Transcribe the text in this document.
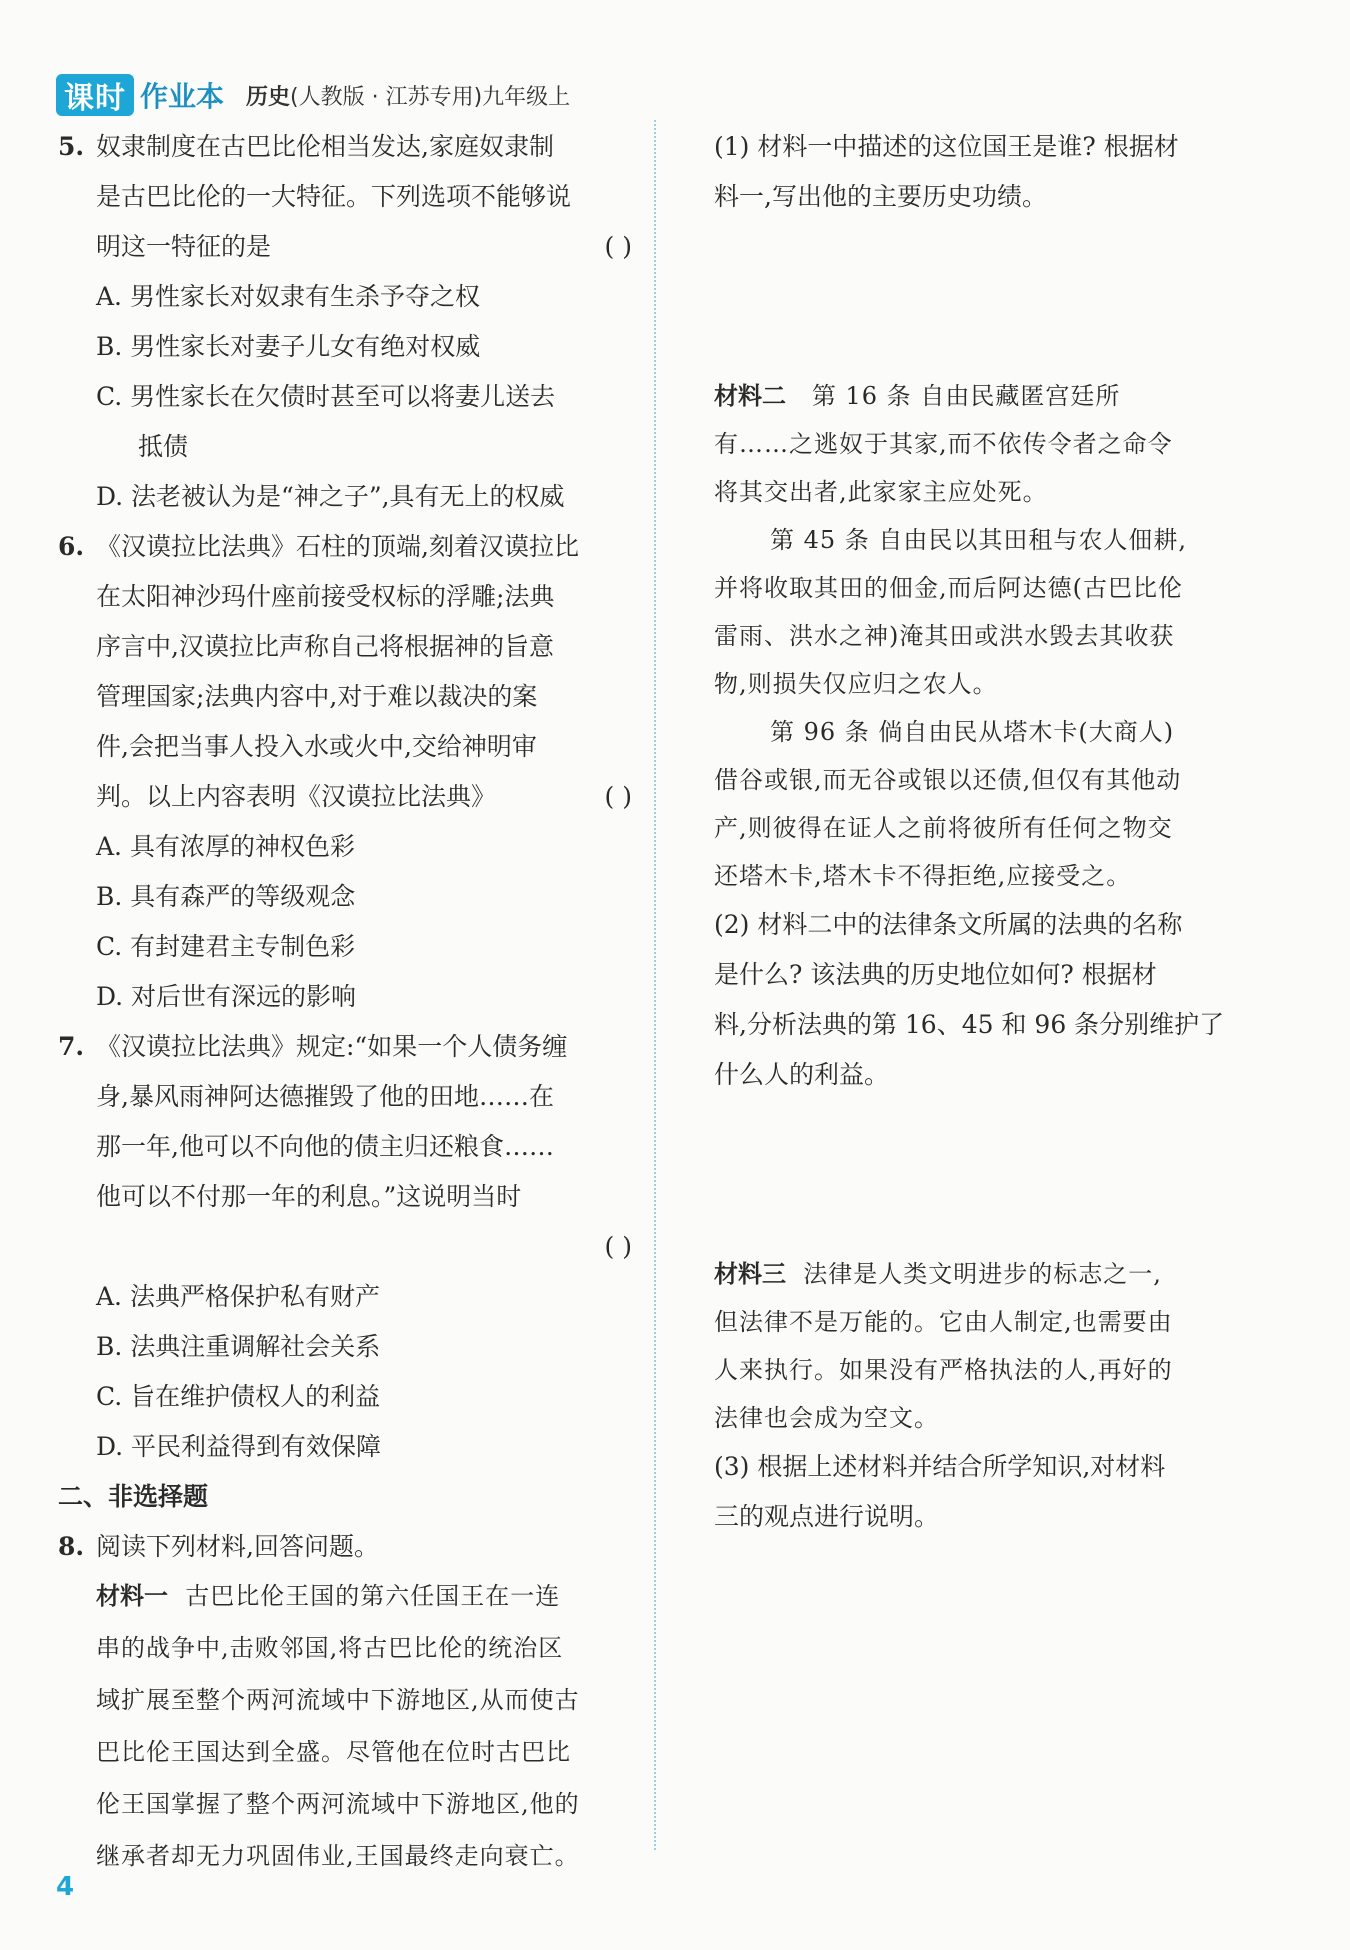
课时 作业本 历史(人教版 · 江苏专用)九年级上
5. 奴隶制度在古巴比伦相当发达,家庭奴隶制
是古巴比伦的一大特征。下列选项不能够说
明这一特征的是	( )
A. 男性家长对奴隶有生杀予夺之权
B. 男性家长对妻子儿女有绝对权威
C. 男性家长在欠债时甚至可以将妻儿送去
抵债
D. 法老被认为是“神之子”,具有无上的权威
6. 《汉谟拉比法典》石柱的顶端,刻着汉谟拉比
在太阳神沙玛什座前接受权标的浮雕;法典
序言中,汉谟拉比声称自己将根据神的旨意
管理国家;法典内容中,对于难以裁决的案
件,会把当事人投入水或火中,交给神明审
判。以上内容表明《汉谟拉比法典》	( )
A. 具有浓厚的神权色彩
B. 具有森严的等级观念
C. 有封建君主专制色彩
D. 对后世有深远的影响
7. 《汉谟拉比法典》规定:“如果一个人债务缠
身,暴风雨神阿达德摧毁了他的田地……在
那一年,他可以不向他的债主归还粮食……
他可以不付那一年的利息。”这说明当时
( )

A. 法典严格保护私有财产
B. 法典注重调解社会关系
C. 旨在维护债权人的利益
D. 平民利益得到有效保障
二、非选择题
8. 阅读下列材料,回答问题。
材料一 古巴比伦王国的第六任国王在一连
串的战争中,击败邻国,将古巴比伦的统治区
域扩展至整个两河流域中下游地区,从而使古
巴比伦王国达到全盛。尽管他在位时古巴比
伦王国掌握了整个两河流域中下游地区,他的
继承者却无力巩固伟业,王国最终走向衰亡。
(1) 材料一中描述的这位国王是谁? 根据材
料一,写出他的主要历史功绩。
材料二 第 16 条 自由民藏匿宫廷所
有……之逃奴于其家,而不依传令者之命令
将其交出者,此家家主应处死。
第 45 条 自由民以其田租与农人佃耕,
并将收取其田的佃金,而后阿达德(古巴比伦
雷雨、洪水之神)淹其田或洪水毁去其收获
物,则损失仅应归之农人。
第 96 条 倘自由民从塔木卡(大商人)
借谷或银,而无谷或银以还债,但仅有其他动
产,则彼得在证人之前将彼所有任何之物交
还塔木卡,塔木卡不得拒绝,应接受之。
(2) 材料二中的法律条文所属的法典的名称
是什么? 该法典的历史地位如何? 根据材
料,分析法典的第 16、45 和 96 条分别维护了
什么人的利益。
材料三 法律是人类文明进步的标志之一,
但法律不是万能的。它由人制定,也需要由
人来执行。如果没有严格执法的人,再好的
法律也会成为空文。
(3) 根据上述材料并结合所学知识,对材料
三的观点进行说明。
4
